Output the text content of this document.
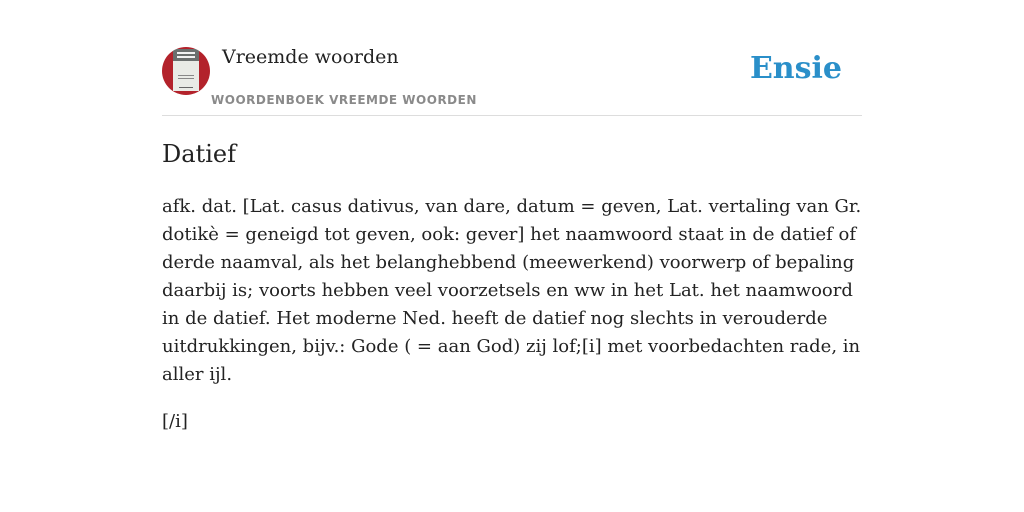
Vreemde woorden
WOORDENBOEK VREEMDE WOORDEN
Ensie
Datief

afk. dat. [Lat. casus dativus, van dare, datum = geven, Lat. vertaling van Gr. dotikè = geneigd tot geven, ook: gever] het naamwoord staat in de datief of derde naamval, als het belanghebbend (meewerkend) voorwerp of bepaling daarbij is; voorts hebben veel voorzetsels en ww in het Lat. het naamwoord in de datief. Het moderne Ned. heeft de datief nog slechts in verouderde uitdrukkingen, bijv.: Gode ( = aan God) zij lof;[i] met voorbedachten rade, in aller ijl.

[/i]
